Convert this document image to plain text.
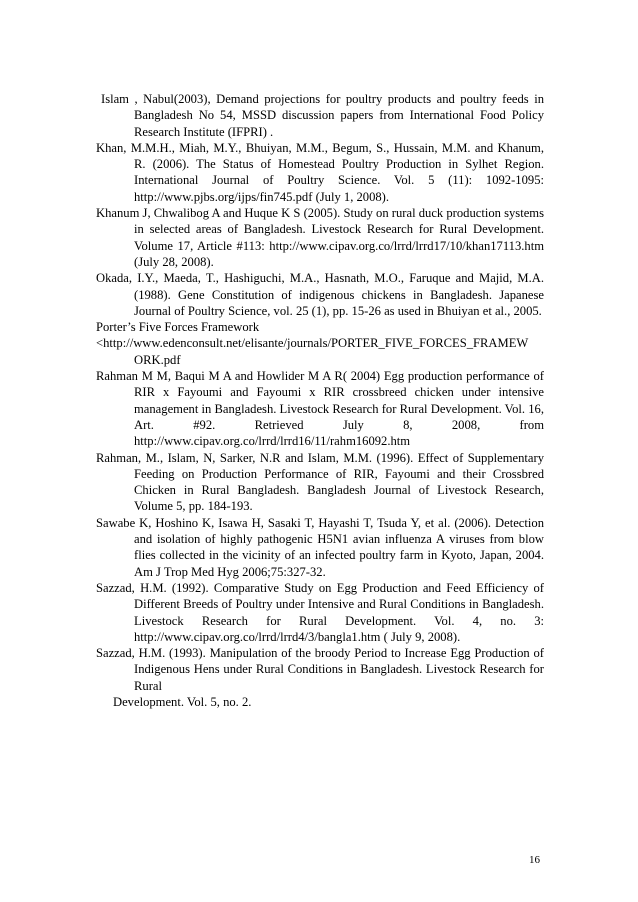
Islam , Nabul(2003), Demand projections for poultry products and poultry feeds in Bangladesh No 54, MSSD discussion papers from International Food Policy Research Institute (IFPRI) .

Khan, M.M.H., Miah, M.Y., Bhuiyan, M.M., Begum, S., Hussain, M.M. and Khanum, R. (2006). The Status of Homestead Poultry Production in Sylhet Region. International Journal of Poultry Science. Vol. 5 (11): 1092-1095: http://www.pjbs.org/ijps/fin745.pdf (July 1, 2008).

Khanum J, Chwalibog A and Huque K S (2005). Study on rural duck production systems in selected areas of Bangladesh. Livestock Research for Rural Development. Volume 17, Article #113: http://www.cipav.org.co/lrrd/lrrd17/10/khan17113.htm (July 28, 2008).

Okada, I.Y., Maeda, T., Hashiguchi, M.A., Hasnath, M.O., Faruque and Majid, M.A. (1988). Gene Constitution of indigenous chickens in Bangladesh. Japanese Journal of Poultry Science, vol. 25 (1), pp. 15-26 as used in Bhuiyan et al., 2005.

Porter’s Five Forces Framework

<http://www.edenconsult.net/elisante/journals/PORTER_FIVE_FORCES_FRAMEW ORK.pdf

Rahman M M, Baqui M A and Howlider M A R( 2004) Egg production performance of RIR x Fayoumi and Fayoumi x RIR crossbreed chicken under intensive management in Bangladesh. Livestock Research for Rural Development. Vol. 16, Art. #92. Retrieved July 8, 2008, from http://www.cipav.org.co/lrrd/lrrd16/11/rahm16092.htm

Rahman, M., Islam, N, Sarker, N.R and Islam, M.M. (1996). Effect of Supplementary Feeding on Production Performance of RIR, Fayoumi and their Crossbred Chicken in Rural Bangladesh. Bangladesh Journal of Livestock Research, Volume 5, pp. 184-193.

Sawabe K, Hoshino K, Isawa H, Sasaki T, Hayashi T, Tsuda Y, et al. (2006). Detection and isolation of highly pathogenic H5N1 avian influenza A viruses from blow flies collected in the vicinity of an infected poultry farm in Kyoto, Japan, 2004. Am J Trop Med Hyg 2006;75:327-32.

Sazzad, H.M. (1992). Comparative Study on Egg Production and Feed Efficiency of Different Breeds of Poultry under Intensive and Rural Conditions in Bangladesh. Livestock Research for Rural Development. Vol. 4, no. 3: http://www.cipav.org.co/lrrd/lrrd4/3/bangla1.htm ( July 9, 2008).

Sazzad, H.M. (1993). Manipulation of the broody Period to Increase Egg Production of Indigenous Hens under Rural Conditions in Bangladesh. Livestock Research for Rural

Development. Vol. 5, no. 2.

16
